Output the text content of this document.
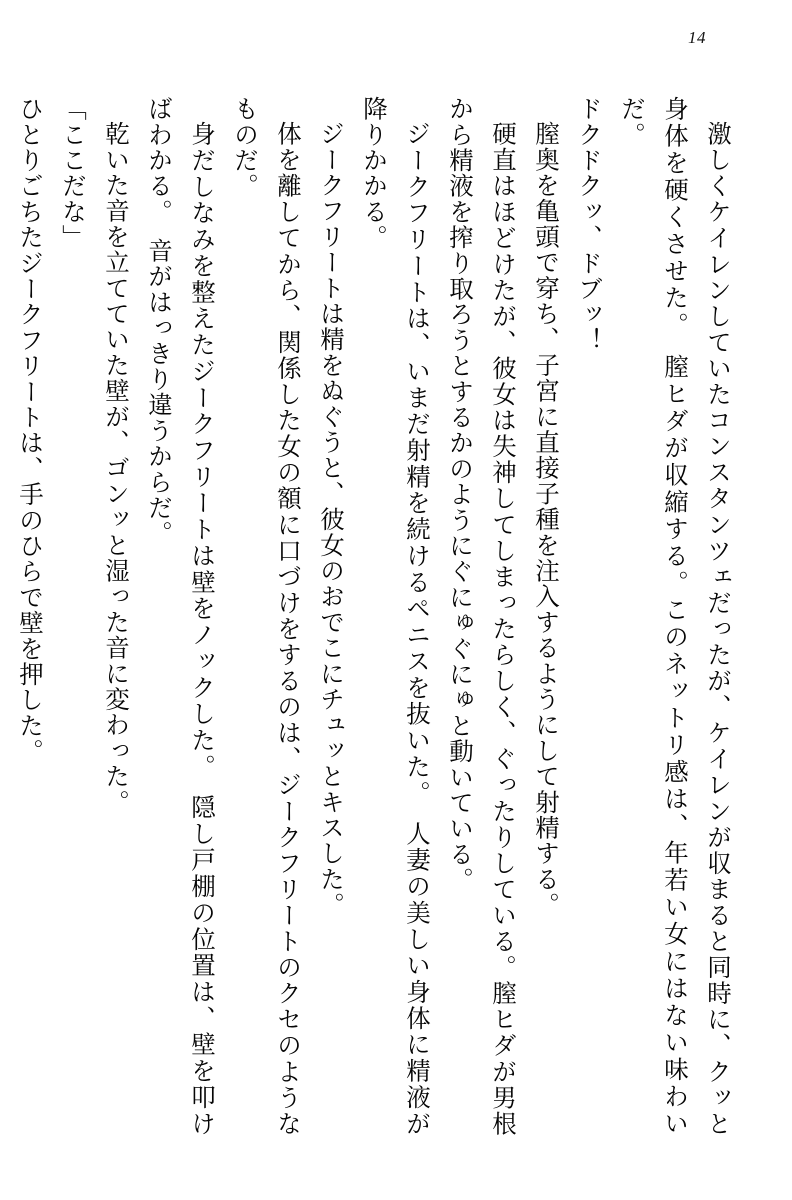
14

激しくケイレンしていたコンスタンツェだったが、ケイレンが収まると同時に、クッと身体を硬くさせた。　膣ヒダが収縮する。このネットリ感は、年若い女にはない味わいだ。

ドクドクッ、ドブッ！

膣奥を亀頭で穿ち、子宮に直接子種を注入するようにして射精する。

硬直はほどけたが、彼女は失神してしまったらしく、ぐったりしている。膣ヒダが男根から精液を搾り取ろうとするかのようにぐにゅぐにゅと動いている。

ジークフリートは、いまだ射精を続けるペニスを抜いた。　人妻の美しい身体に精液が降りかかる。

ジークフリートは精をぬぐうと、彼女のおでこにチュッとキスした。

体を離してから、関係した女の額に口づけをするのは、ジークフリートのクセのようなものだ。

身だしなみを整えたジークフリートは壁をノックした。　隠し戸棚の位置は、壁を叩けばわかる。　音がはっきり違うからだ。

乾いた音を立てていた壁が、ゴンッと湿った音に変わった。

「ここだな」

ひとりごちたジークフリートは、手のひらで壁を押した。
